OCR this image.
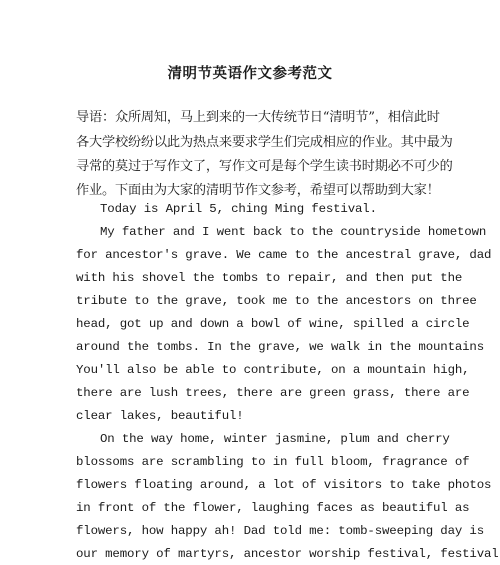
清明节英语作文参考范文
导语：众所周知，马上到来的一大传统节日“清明节”，相信此时
各大学校纷纷以此为热点来要求学生们完成相应的作业。其中最为
寻常的莫过于写作文了，写作文可是每个学生读书时期必不可少的
作业。下面由为大家的清明节作文参考，希望可以帮助到大家！
Today is April 5, ching Ming festival.
My father and I went back to the countryside hometown
for ancestor's grave. We came to the ancestral grave, dad
with his shovel the tombs to repair, and then put the
tribute to the grave, took me to the ancestors on three
head, got up and down a bowl of wine, spilled a circle
around the tombs. In the grave, we walk in the mountains
You'll also be able to contribute, on a mountain high,
there are lush trees, there are green grass, there are
clear lakes, beautiful!
On the way home, winter jasmine, plum and cherry
blossoms are scrambling to in full bloom, fragrance of
flowers floating around, a lot of visitors to take photos
in front of the flower, laughing faces as beautiful as
flowers, how happy ah! Dad told me: tomb-sweeping day is
our memory of martyrs, ancestor worship festival, festival
